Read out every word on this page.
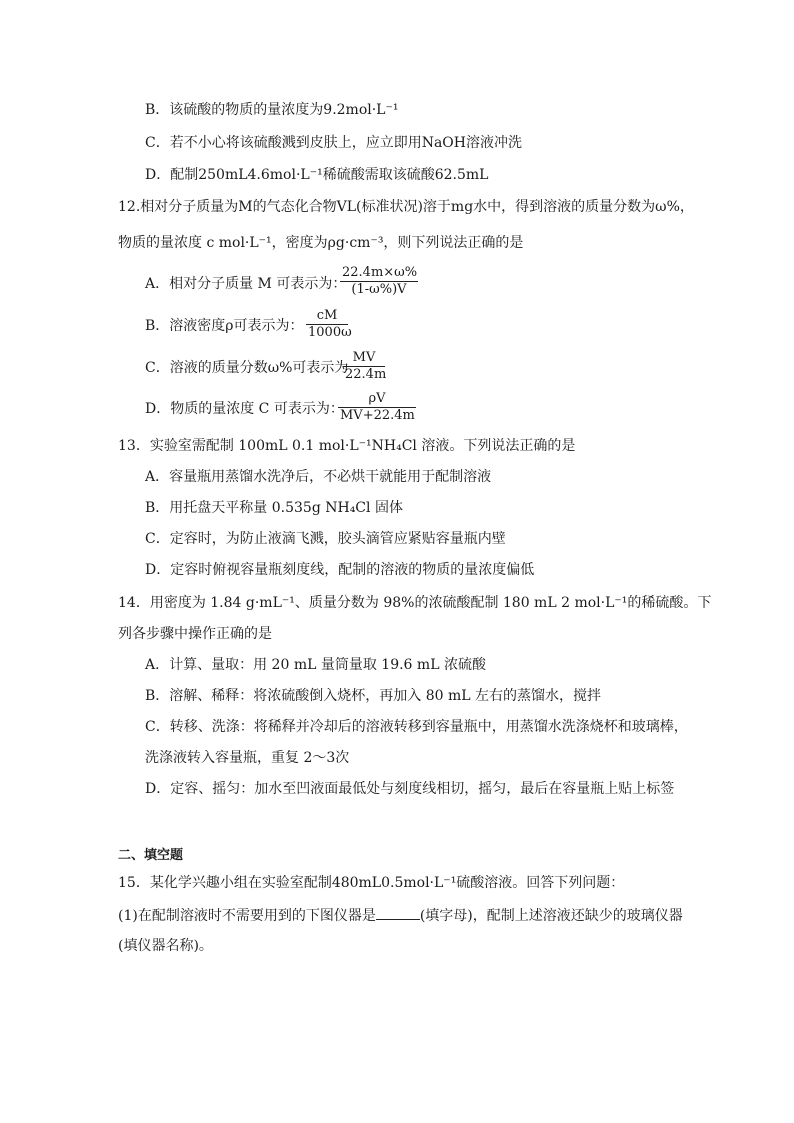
B．该硫酸的物质的量浓度为9.2mol·L⁻¹
C．若不小心将该硫酸溅到皮肤上，应立即用NaOH溶液冲洗
D．配制250mL4.6mol·L⁻¹稀硫酸需取该硫酸62.5mL
12.相对分子质量为M的气态化合物VL(标准状况)溶于mg水中，得到溶液的质量分数为ω%，
物质的量浓度 c mol·L⁻¹，密度为ρg·cm⁻³，则下列说法正确的是
A．相对分子质量 M 可表示为：
$\frac{22.4m\times\omega\%}{(1-\omega\%)V}$
B．溶液密度ρ可表示为： $\frac{cM}{1000\omega}$
C．溶液的质量分数ω%可表示为
$\frac{MV}{22.4m}$
D．物质的量浓度 C 可表示为：
$\frac{\rho V}{MV+22.4m}$
13．实验室需配制 100mL 0.1 mol·L⁻¹NH₄Cl 溶液。下列说法正确的是
A．容量瓶用蒸馏水洗净后，不必烘干就能用于配制溶液
B．用托盘天平称量 0.535g NH₄Cl 固体
C．定容时，为防止液滴飞溅，胶头滴管应紧贴容量瓶内壁
D．定容时俯视容量瓶刻度线，配制的溶液的物质的量浓度偏低
14．用密度为 1.84 g·mL⁻¹、质量分数为 98%的浓硫酸配制 180 mL 2 mol·L⁻¹的稀硫酸。下
列各步骤中操作正确的是
A．计算、量取：用 20 mL 量筒量取 19.6 mL 浓硫酸
B．溶解、稀释：将浓硫酸倒入烧杯，再加入 80 mL 左右的蒸馏水，搅拌
C．转移、洗涤：将稀释并冷却后的溶液转移到容量瓶中，用蒸馏水洗涤烧杯和玻璃棒，
洗涤液转入容量瓶，重复 2～3次
D．定容、摇匀：加水至凹液面最低处与刻度线相切，摇匀，最后在容量瓶上贴上标签
二、填空题
15．某化学兴趣小组在实验室配制480mL0.5mol·L⁻¹硫酸溶液。回答下列问题：
(1)在配制溶液时不需要用到的下图仪器是	(填字母)，配制上述溶液还缺少的玻璃仪器
(填仪器名称)。
